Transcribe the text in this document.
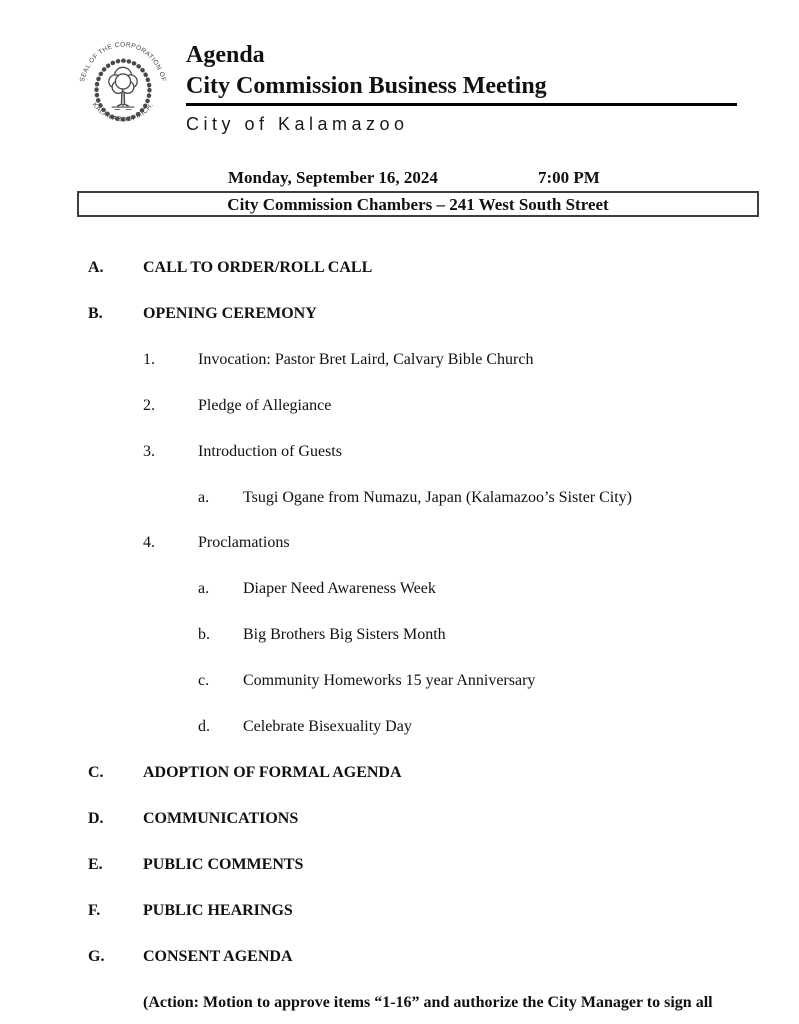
SEAL OF THE CORPORATION OF
KALAMAZOO, MICH.
Agenda
City Commission Business Meeting
City of Kalamazoo
Monday, September 16, 2024	7:00 PM
City Commission Chambers – 241 West South Street
A.	CALL TO ORDER/ROLL CALL
B.	OPENING CEREMONY
1.	Invocation: Pastor Bret Laird, Calvary Bible Church
2.	Pledge of Allegiance
3.	Introduction of Guests
a.	Tsugi Ogane from Numazu, Japan (Kalamazoo’s Sister City)
4.	Proclamations
a.	Diaper Need Awareness Week
b.	Big Brothers Big Sisters Month
c.	Community Homeworks 15 year Anniversary
d.	Celebrate Bisexuality Day
C.	ADOPTION OF FORMAL AGENDA
D.	COMMUNICATIONS
E.	PUBLIC COMMENTS
F.	PUBLIC HEARINGS
G.	CONSENT AGENDA
(Action: Motion to approve items “1-16” and authorize the City Manager to sign all
